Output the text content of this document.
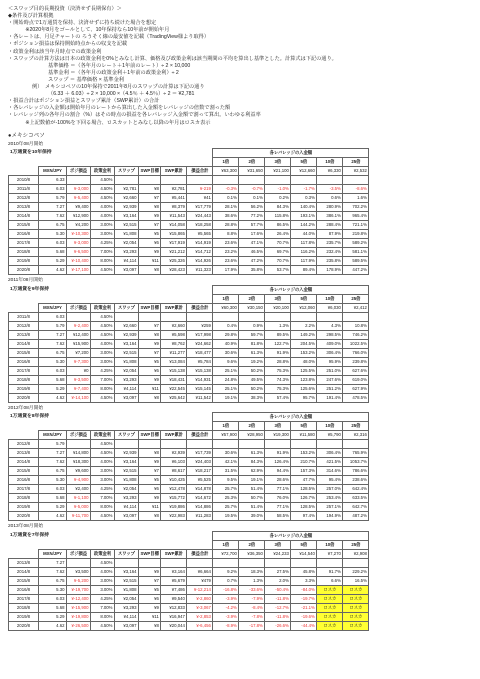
＜スワップ目的長期投資（決済せず長期保有）＞
◆条件及び計算根拠
・開始時点で1万通貨を保持、決済せずに持ち続けた場合を想定
　※2020年8月をゴールとして、10年保持なら10年前が開始年月
・各レートは、月足チャートの ろうそく線の最安値を記載（TradingView様より取得）
・ポジション損益は保持開始時点からの収支を記載
・政策金利は該当年月時点での政策金利
・スワップの計算方法は日本の政策金利を0%とみなし計算、価格及び政策金利は該当期間の平均を算出し基準とした。計算式は下記の通り。
基準価格 ＝（各年月のレート＋1年前のレート）÷ 2 × 10,000
基準金利 ＝（各年月の政策金利＋1年前の政策金利）÷ 2
スワップ ＝ 基準価格 × 基準金利
例）　メキシコペソの10年保持で2011年8月のスワップの計算は下記の通り
（6.33 ＋ 6.03）÷ 2 × 10,000 ×（4.5％ ＋ 4.5％）÷ 2 ＝ ¥2,781
・損益合計はポジション損益とスワップ累計（SWP累計）の合計
・各レバレッジの入金額は開始年月のレートから算出した入金額をレバレッジの倍数で割った額
・レバレッジ列の各年月の割合（%）はその時点の損益を各レバレッジ入金額で割って算出。いわゆる利益率
　※上記数値が-100%を下回る場合、ロスカットとみなし以降の年月はロスカ表示
●メキシコペソ
2010年08月開始
1万通貨を10年保持								各レバレッジの入金額					
								1倍	2倍	3倍	5倍	10倍	25倍
	MXN/JPY	ポジ損益	政策金利	スワップ	SWP目標	SWP累計	損益合計	¥63,300	¥31,650	¥21,100	¥12,660	¥6,330	¥2,532
2010/8	6.33		4.50%										
2011/8	6.03	¥-3,000	4.50%	¥2,781	¥8	¥2,781	¥-219	-0.3%	-0.7%	-1.0%	-1.7%	-3.5%	-8.6%
2012/8	5.79	¥-5,400	4.50%	¥2,660	¥7	¥5,441	¥41	0.1%	0.1%	0.2%	0.3%	0.6%	1.6%
2013/8	7.27	¥9,400	4.00%	¥2,939	¥8	¥8,379	¥17,779	28.1%	56.2%	84.3%	140.4%	280.9%	702.2%
2014/8	7.62	¥12,900	4.00%	¥3,164	¥9	¥11,543	¥24,443	38.6%	77.2%	115.8%	193.1%	386.1%	965.4%
2015/8	6.75	¥4,200	3.00%	¥2,515	¥7	¥14,058	¥18,258	28.8%	57.7%	86.5%	144.2%	288.4%	721.1%
2016/8	5.30	¥-10,300	3.00%	¥1,808	¥5	¥15,865	¥5,565	8.8%	17.6%	26.4%	44.0%	87.9%	219.8%
2017/8	6.03	¥-3,000	4.25%	¥2,054	¥6	¥17,919	¥14,919	23.6%	47.1%	70.7%	117.8%	235.7%	589.2%
2018/8	5.68	¥-6,500	7.00%	¥3,293	¥9	¥21,212	¥14,712	23.2%	46.5%	69.7%	116.2%	232.4%	581.1%
2019/8	5.29	¥-10,400	8.00%	¥4,114	¥11	¥25,326	¥14,926	23.6%	47.2%	70.7%	117.9%	235.8%	589.5%
2020/8	4.62	¥-17,100	4.50%	¥3,097	¥8	¥28,423	¥11,323	17.9%	35.8%	53.7%	89.4%	178.9%	447.2%
2011年08月開始
1万通貨を9年保持								各レバレッジの入金額					
								1倍	2倍	3倍	5倍	10倍	25倍
	MXN/JPY	ポジ損益	政策金利	スワップ	SWP目標	SWP累計	損益合計	¥60,300	¥30,150	¥20,100	¥12,060	¥6,030	¥2,412
2011/8	6.03		4.50%										
2012/8	5.79	¥-2,400	4.50%	¥2,660	¥7	¥2,660	¥259	0.4%	0.9%	1.3%	2.2%	4.3%	10.8%
2013/8	7.27	¥12,400	4.50%	¥2,939	¥8	¥5,598	¥17,998	29.8%	59.7%	89.5%	149.2%	298.5%	746.2%
2014/8	7.62	¥15,900	4.00%	¥3,164	¥9	¥8,762	¥24,662	40.9%	81.8%	122.7%	204.5%	409.0%	1022.5%
2015/8	6.75	¥7,200	3.00%	¥2,515	¥7	¥11,277	¥18,477	30.6%	61.3%	91.9%	153.2%	306.4%	766.0%
2016/8	5.30	¥-7,300	3.00%	¥1,808	¥5	¥13,084	¥5,784	9.6%	19.2%	28.8%	48.0%	95.9%	239.8%
2017/8	6.03	¥0	4.25%	¥2,054	¥6	¥15,138	¥15,138	25.1%	50.2%	75.3%	125.5%	251.0%	627.6%
2018/8	5.68	¥-3,500	7.00%	¥3,293	¥9	¥18,431	¥14,931	24.8%	49.5%	74.3%	123.8%	247.6%	619.0%
2019/8	5.29	¥-7,400	8.00%	¥4,114	¥11	¥22,545	¥15,145	25.1%	50.2%	75.3%	125.6%	251.2%	627.9%
2020/8	4.62	¥-14,100	4.50%	¥3,097	¥8	¥25,642	¥11,542	19.1%	38.3%	57.4%	95.7%	191.4%	478.5%
2012年08月開始
1万通貨を8年保持								各レバレッジの入金額					
								1倍	2倍	3倍	5倍	10倍	25倍
	MXN/JPY	ポジ損益	政策金利	スワップ	SWP目標	SWP累計	損益合計	¥57,900	¥28,950	¥19,300	¥11,580	¥5,790	¥2,316
2012/8	5.79		4.50%										
2013/8	7.27	¥14,800	4.50%	¥2,939	¥8	¥2,939	¥17,739	30.6%	61.3%	91.9%	153.2%	306.4%	765.9%
2014/8	7.62	¥18,300	4.00%	¥3,164	¥9	¥6,103	¥24,403	42.1%	84.3%	126.4%	210.7%	421.5%	1053.7%
2015/8	6.75	¥9,600	3.00%	¥2,515	¥7	¥8,617	¥18,217	31.5%	62.9%	94.4%	157.3%	314.6%	786.6%
2016/8	5.30	¥-4,900	3.00%	¥1,808	¥5	¥10,425	¥5,525	9.5%	19.1%	28.6%	47.7%	95.4%	238.6%
2017/8	6.03	¥2,400	4.25%	¥2,054	¥6	¥12,478	¥14,878	25.7%	51.4%	77.1%	128.5%	257.0%	642.4%
2018/8	5.68	¥-1,100	7.00%	¥3,293	¥9	¥15,772	¥14,672	25.3%	50.7%	76.0%	126.7%	253.4%	633.5%
2019/8	5.29	¥-5,000	8.00%	¥4,114	¥11	¥19,886	¥14,886	25.7%	51.4%	77.1%	128.5%	257.1%	642.7%
2020/8	4.62	¥-11,700	4.50%	¥3,097	¥8	¥22,983	¥11,283	19.5%	39.0%	58.5%	97.4%	194.9%	487.2%
2013年08月開始
1万通貨を7年保持								各レバレッジの入金額					
								1倍	2倍	3倍	5倍	10倍	25倍
	MXN/JPY	ポジ損益	政策金利	スワップ	SWP目標	SWP累計	損益合計	¥72,700	¥36,350	¥24,233	¥14,540	¥7,270	¥2,908
2013/8	7.27		4.50%										
2014/8	7.62	¥3,500	4.00%	¥3,164	¥9	¥3,164	¥6,664	9.2%	18.3%	27.5%	45.8%	91.7%	229.2%
2015/8	6.75	¥-5,200	3.00%	¥2,515	¥7	¥5,679	¥479	0.7%	1.3%	2.0%	3.3%	6.6%	16.5%
2016/8	5.30	¥-19,700	3.00%	¥1,808	¥5	¥7,486	¥-12,214	-16.8%	-33.6%	-50.4%	-84.0%	ロスカ	ロスカ
2017/8	6.03	¥-12,400	4.25%	¥2,054	¥6	¥9,540	¥-2,860	-3.9%	-7.9%	-11.8%	-19.7%	ロスカ	ロスカ
2018/8	5.68	¥-15,900	7.00%	¥3,293	¥9	¥12,833	¥-3,067	-4.2%	-8.4%	-12.7%	-21.1%	ロスカ	ロスカ
2019/8	5.29	¥-19,800	8.00%	¥4,114	¥11	¥16,947	¥-2,853	-3.9%	-7.8%	-11.8%	-19.6%	ロスカ	ロスカ
2020/8	4.62	¥-26,500	4.50%	¥3,097	¥8	¥20,044	¥-6,456	-8.9%	-17.8%	-26.6%	-44.4%	ロスカ	ロスカ
